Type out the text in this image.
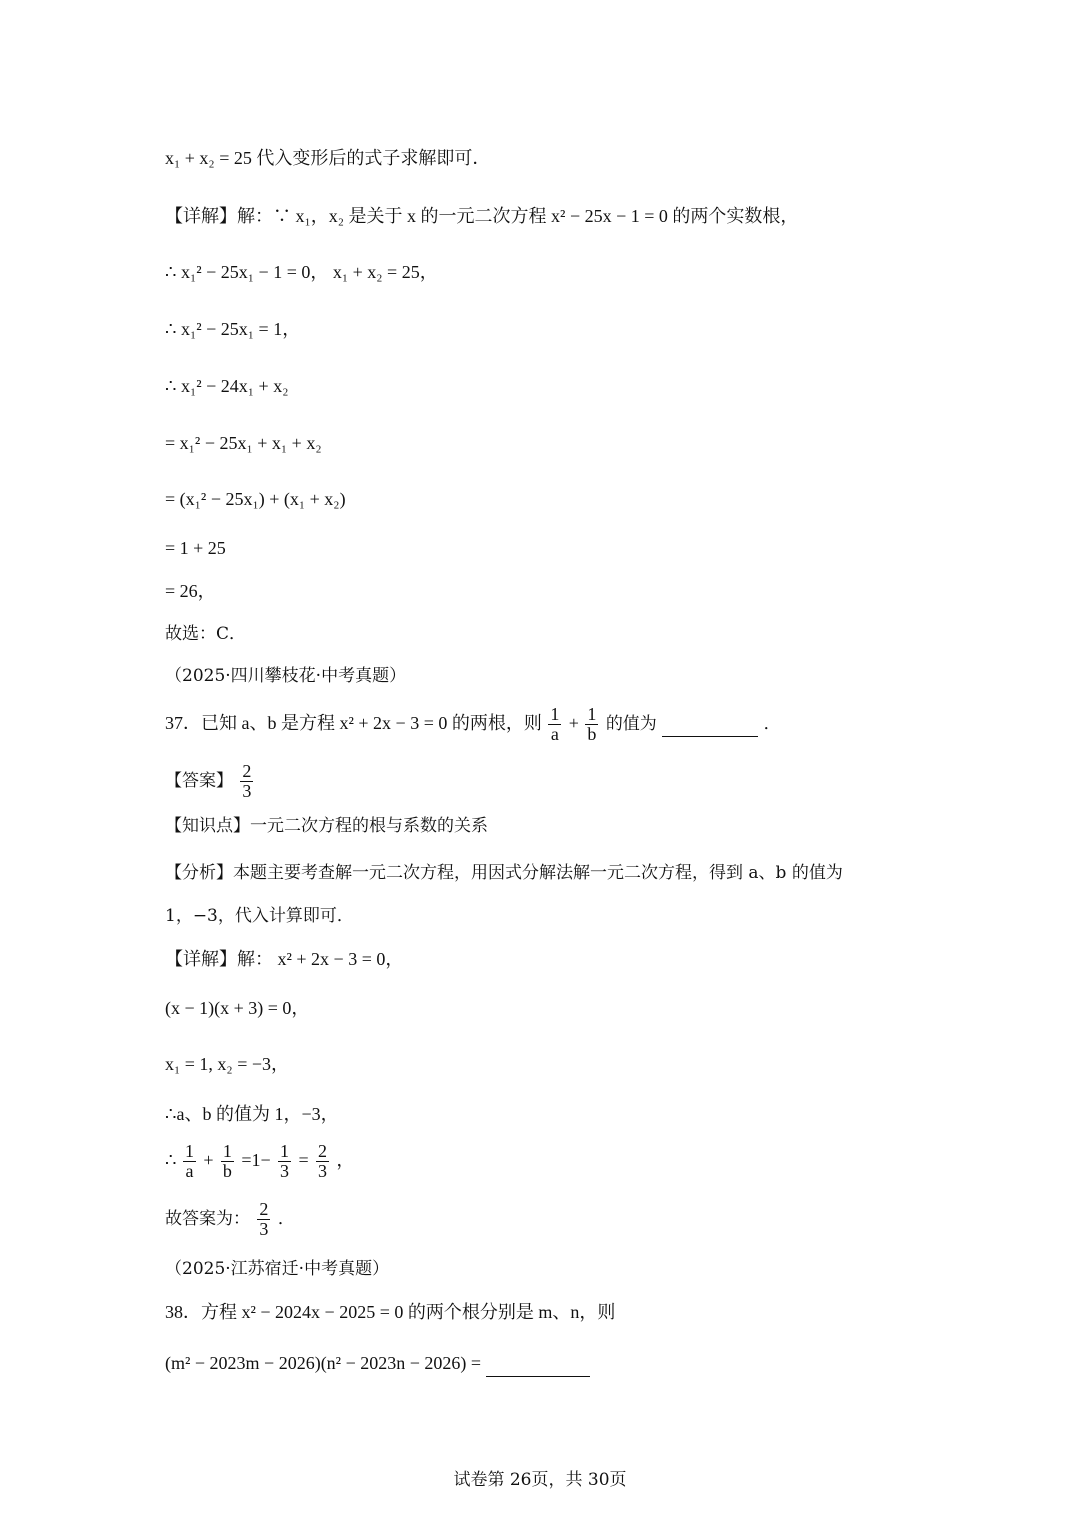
x₁ + x₂ = 25 代入变形后的式子求解即可．
【详解】解：∵ x₁，x₂ 是关于 x 的一元二次方程 x² − 25x − 1 = 0 的两个实数根，
∴ x₁² − 25x₁ − 1 = 0， x₁ + x₂ = 25，
∴ x₁² − 25x₁ = 1，
∴ x₁² − 24x₁ + x₂
= x₁² − 25x₁ + x₁ + x₂
= (x₁² − 25x₁) + (x₁ + x₂)
= 1 + 25
= 26，
故选：C．
（2025·四川攀枝花·中考真题）
37．已知 a、b 是方程 x² + 2x − 3 = 0 的两根，则 $\frac{1}{a} + \frac{1}{b}$ 的值为	．
【答案】 $\frac{2}{3}$
【知识点】一元二次方程的根与系数的关系
【分析】本题主要考查解一元二次方程，用因式分解法解一元二次方程，得到 a、b 的值为
1，−3，代入计算即可．
【详解】解： x² + 2x − 3 = 0，
(x − 1)(x + 3) = 0，
x₁ = 1, x₂ = −3，
∴a、b 的值为 1，−3，
∴ $\frac{1}{a} + \frac{1}{b} =1- \frac{1}{3} = \frac{2}{3}$ ，
故答案为： $\frac{2}{3}$ ．
（2025·江苏宿迁·中考真题）
38．方程 x² − 2024x − 2025 = 0 的两个根分别是 m、n，则
(m² − 2023m − 2026)(n² − 2023n − 2026) =
试卷第 26页，共 30页
